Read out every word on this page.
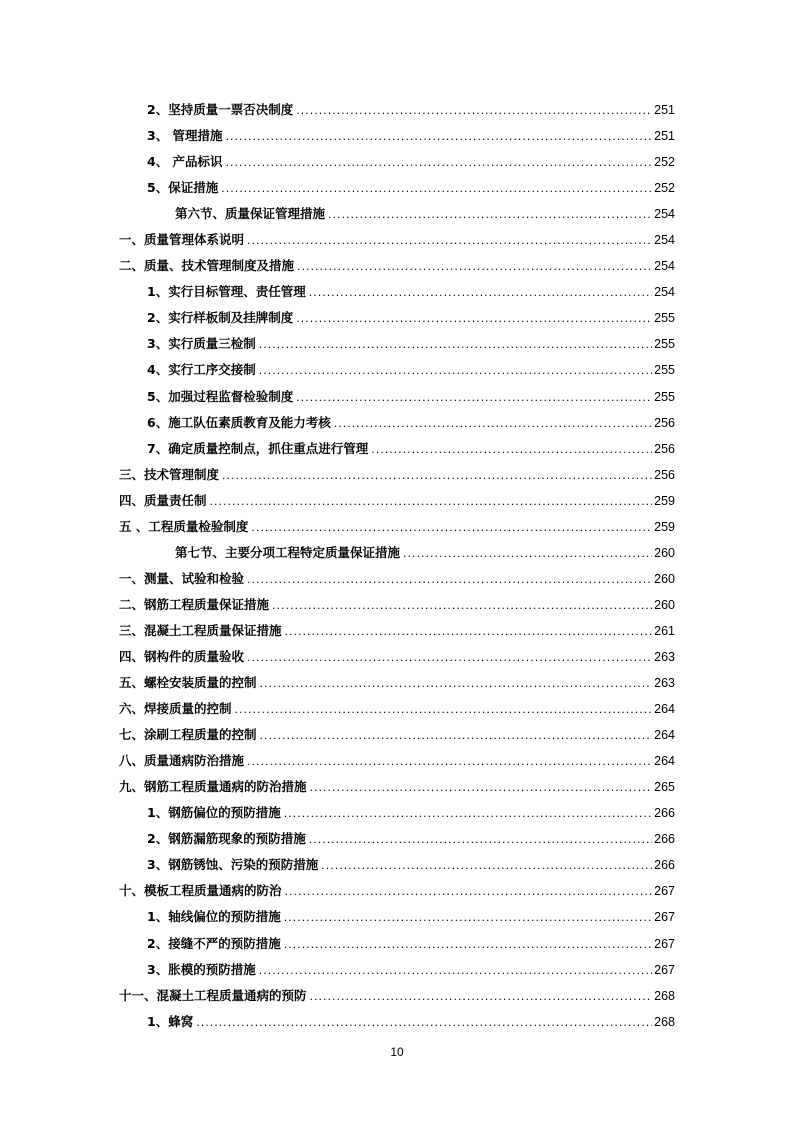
2、坚持质量一票否决制度 .....	251
3、 管理措施 .....	251
4、 产品标识 .....	252
5、保证措施 .....	252
第六节、质量保证管理措施 .....	254
一、质量管理体系说明 .....	254
二、质量、技术管理制度及措施 .....	254
1、实行目标管理、责任管理 .....	254
2、实行样板制及挂牌制度 .....	255
3、实行质量三检制 .....	255
4、实行工序交接制 .....	255
5、加强过程监督检验制度 .....	255
6、施工队伍素质教育及能力考核 .....	256
7、确定质量控制点，抓住重点进行管理 .....	256
三、技术管理制度 .....	256
四、质量责任制 .....	259
五 、工程质量检验制度 .....	259
第七节、主要分项工程特定质量保证措施 .....	260
一、测量、试验和检验 .....	260
二、钢筋工程质量保证措施 .....	260
三、混凝土工程质量保证措施 .....	261
四、钢构件的质量验收 .....	263
五、螺栓安装质量的控制 .....	263
六、焊接质量的控制 .....	264
七、涂刷工程质量的控制 .....	264
八、质量通病防治措施 .....	264
九、钢筋工程质量通病的防治措施 .....	265
1、钢筋偏位的预防措施 .....	266
2、钢筋漏筋现象的预防措施 .....	266
3、钢筋锈蚀、污染的预防措施 .....	266
十、模板工程质量通病的防治 .....	267
1、轴线偏位的预防措施 .....	267
2、接缝不严的预防措施 .....	267
3、胀模的预防措施 .....	267
十一、混凝土工程质量通病的预防 .....	268
1、蜂窝 .....	268
10
